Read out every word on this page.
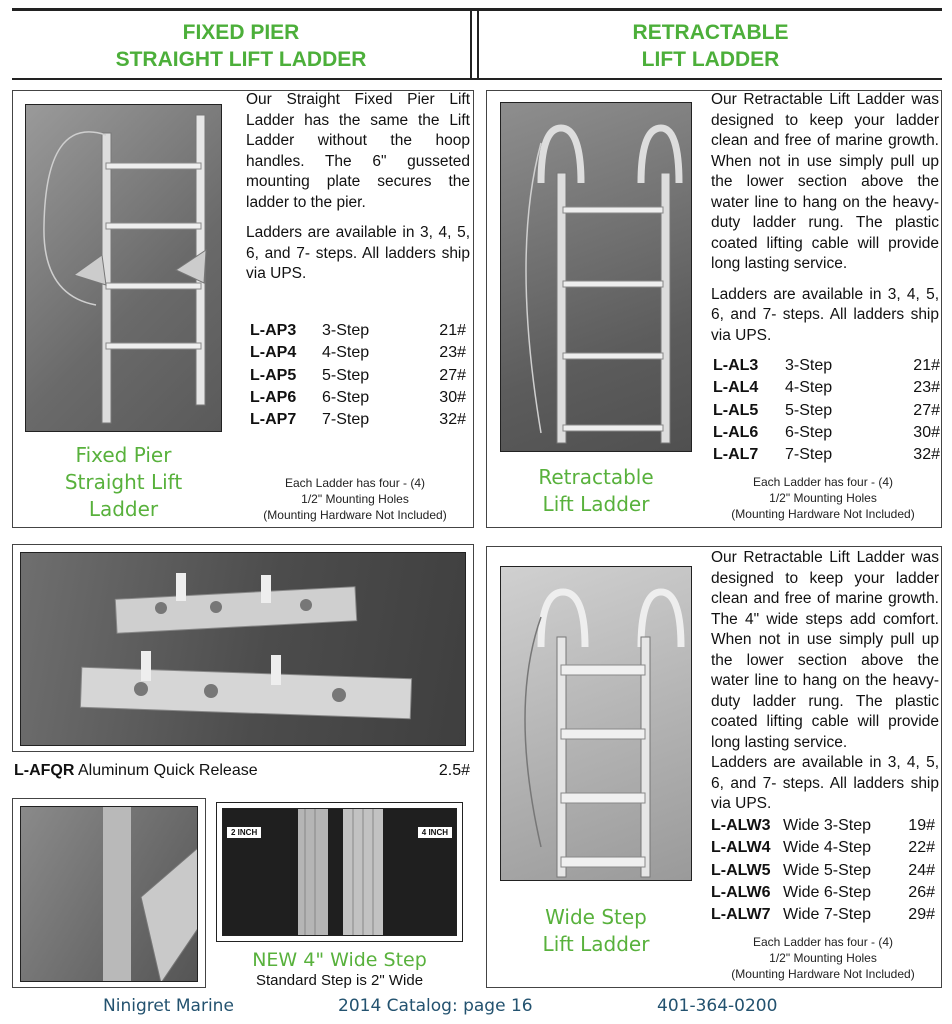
FIXED PIER
STRAIGHT LIFT LADDER
RETRACTABLE
LIFT LADDER

Our Straight Fixed Pier Lift Ladder has the same the Lift Ladder without the hoop handles. The 6" gusseted mounting plate secures the ladder to the pier.

Ladders are available in 3, 4, 5, 6, and 7- steps. All ladders ship via UPS.

L-AP3	3-Step	21#
L-AP4	4-Step	23#
L-AP5	5-Step	27#
L-AP6	6-Step	30#
L-AP7	7-Step	32#
Fixed Pier
Straight Lift
Ladder
Each Ladder has four - (4)
1/2" Mounting Holes
(Mounting Hardware Not Included)

Our Retractable Lift Ladder was designed to keep your ladder clean and free of marine growth. When not in use simply pull up the lower section above the water line to hang on the heavy-duty ladder rung. The plastic coated lifting cable will provide long lasting service.

Ladders are available in 3, 4, 5, 6, and 7- steps. All ladders ship via UPS.

L-AL3	3-Step	21#
L-AL4	4-Step	23#
L-AL5	5-Step	27#
L-AL6	6-Step	30#
L-AL7	7-Step	32#
Retractable
Lift Ladder
Each Ladder has four - (4)
1/2" Mounting Holes
(Mounting Hardware Not Included)
L-AFQR Aluminum Quick Release	2.5#
2 INCH	4 INCH
NEW 4" Wide Step
Standard Step is 2" Wide

Our Retractable Lift Ladder was designed to keep your ladder clean and free of marine growth. The 4" wide steps add comfort. When not in use simply pull up the lower section above the water line to hang on the heavy-duty ladder rung. The plastic coated lifting cable will provide long lasting service.

Ladders are available in 3, 4, 5, 6, and 7- steps. All ladders ship via UPS.

L-ALW3	Wide 3-Step	19#
L-ALW4	Wide 4-Step	22#
L-ALW5	Wide 5-Step	24#
L-ALW6	Wide 6-Step	26#
L-ALW7	Wide 7-Step	29#
Wide Step
Lift Ladder	Each Ladder has four - (4)
1/2" Mounting Holes
(Mounting Hardware Not Included)
Ninigret Marine	2014 Catalog: page 16	401-364-0200
